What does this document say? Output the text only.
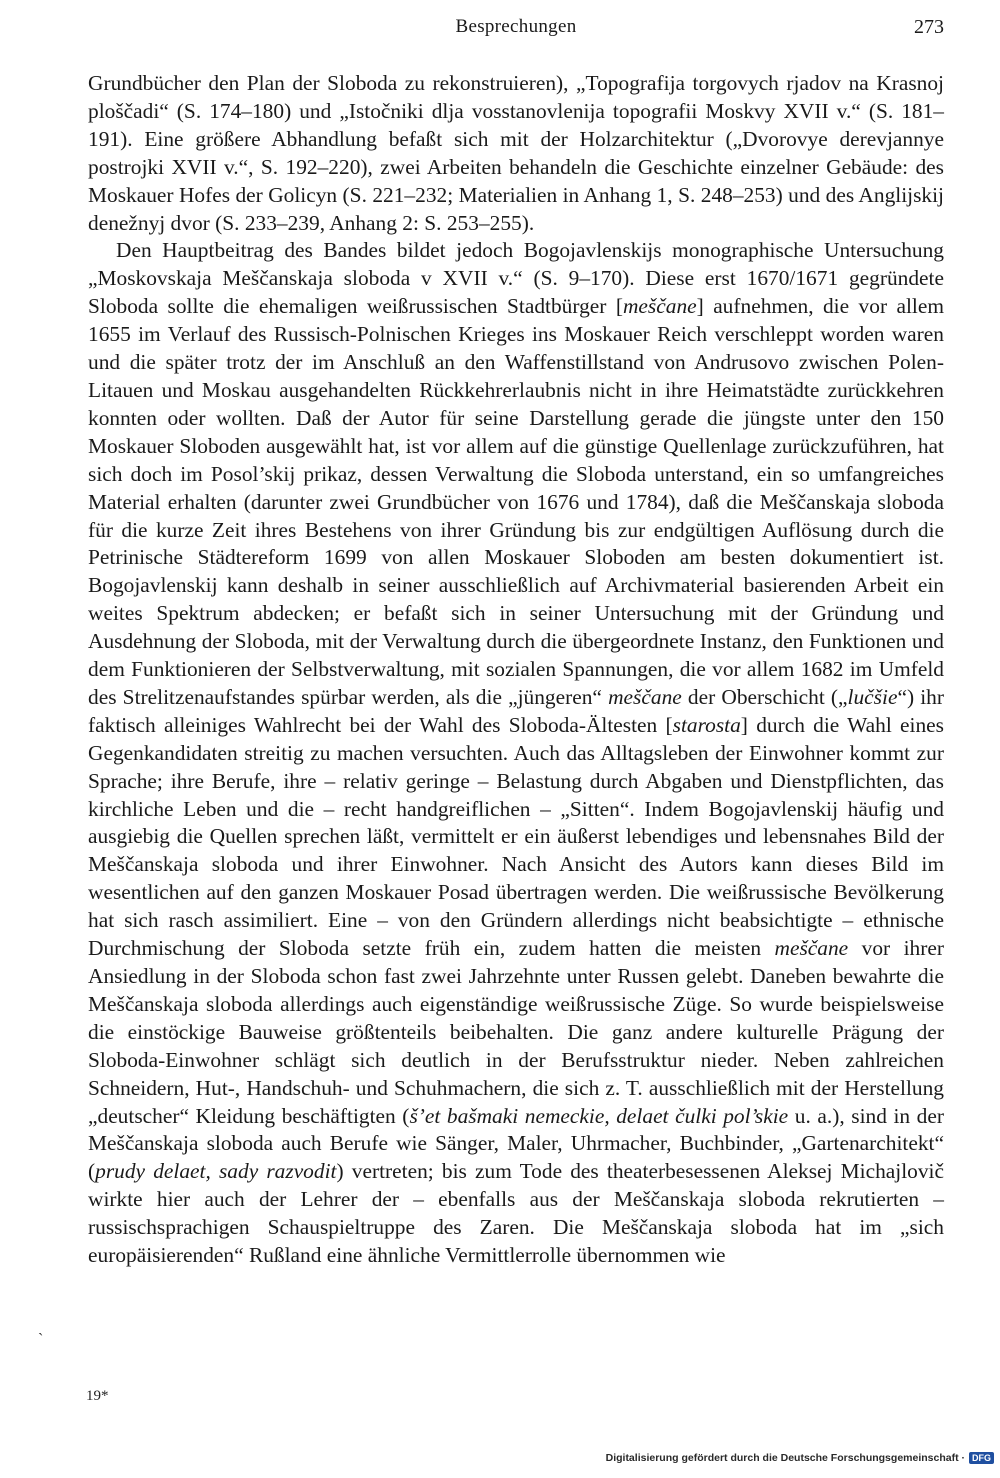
Besprechungen	273

Grundbücher den Plan der Sloboda zu rekonstruieren), „Topografija torgovych rjadov na Krasnoj ploščadi“ (S. 174–180) und „Istočniki dlja vosstanovlenija topografii Moskvy XVII v.“ (S. 181–191). Eine größere Abhandlung befaßt sich mit der Holzarchitektur („Dvorovye derevjannye postrojki XVII v.“, S. 192–220), zwei Arbeiten behandeln die Geschichte einzelner Gebäude: des Moskauer Hofes der Golicyn (S. 221–232; Materialien in Anhang 1, S. 248–253) und des Anglijskij denežnyj dvor (S. 233–239, Anhang 2: S. 253–255).

Den Hauptbeitrag des Bandes bildet jedoch Bogojavlenskijs monographische Untersuchung „Moskovskaja Meščanskaja sloboda v XVII v.“ (S. 9–170). Diese erst 1670/1671 gegründete Sloboda sollte die ehemaligen weißrussischen Stadtbürger [meščane] aufnehmen, die vor allem 1655 im Verlauf des Russisch-Polnischen Krieges ins Moskauer Reich verschleppt worden waren und die später trotz der im Anschluß an den Waffenstillstand von Andrusovo zwischen Polen-Litauen und Moskau ausgehandelten Rückkehrerlaubnis nicht in ihre Heimatstädte zurückkehren konnten oder wollten. Daß der Autor für seine Darstellung gerade die jüngste unter den 150 Moskauer Sloboden ausgewählt hat, ist vor allem auf die günstige Quellenlage zurückzuführen, hat sich doch im Posol’skij prikaz, dessen Verwaltung die Sloboda unterstand, ein so umfangreiches Material erhalten (darunter zwei Grundbücher von 1676 und 1784), daß die Meščanskaja sloboda für die kurze Zeit ihres Bestehens von ihrer Gründung bis zur endgültigen Auflösung durch die Petrinische Städtereform 1699 von allen Moskauer Sloboden am besten dokumentiert ist. Bogojavlenskij kann deshalb in seiner ausschließlich auf Archivmaterial basierenden Arbeit ein weites Spektrum abdecken; er befaßt sich in seiner Untersuchung mit der Gründung und Ausdehnung der Sloboda, mit der Verwaltung durch die übergeordnete Instanz, den Funktionen und dem Funktionieren der Selbstverwaltung, mit sozialen Spannungen, die vor allem 1682 im Umfeld des Strelitzenaufstandes spürbar werden, als die „jüngeren“ meščane der Oberschicht („lučšie“) ihr faktisch alleiniges Wahlrecht bei der Wahl des Sloboda-Ältesten [starosta] durch die Wahl eines Gegenkandidaten streitig zu machen versuchten. Auch das Alltagsleben der Einwohner kommt zur Sprache; ihre Berufe, ihre – relativ geringe – Belastung durch Abgaben und Dienstpflichten, das kirchliche Leben und die – recht handgreiflichen – „Sitten“. Indem Bogojavlenskij häufig und ausgiebig die Quellen sprechen läßt, vermittelt er ein äußerst lebendiges und lebensnahes Bild der Meščanskaja sloboda und ihrer Einwohner. Nach Ansicht des Autors kann dieses Bild im wesentlichen auf den ganzen Moskauer Posad übertragen werden. Die weißrussische Bevölkerung hat sich rasch assimiliert. Eine – von den Gründern allerdings nicht beabsichtigte – ethnische Durchmischung der Sloboda setzte früh ein, zudem hatten die meisten meščane vor ihrer Ansiedlung in der Sloboda schon fast zwei Jahrzehnte unter Russen gelebt. Daneben bewahrte die Meščanskaja sloboda allerdings auch eigenständige weißrussische Züge. So wurde beispielsweise die einstöckige Bauweise größtenteils beibehalten. Die ganz andere kulturelle Prägung der Sloboda-Einwohner schlägt sich deutlich in der Berufsstruktur nieder. Neben zahlreichen Schneidern, Hut-, Handschuh- und Schuhmachern, die sich z. T. ausschließlich mit der Herstellung „deutscher“ Kleidung beschäftigten (š’et bašmaki nemeckie, delaet čulki pol’skie u. a.), sind in der Meščanskaja sloboda auch Berufe wie Sänger, Maler, Uhrmacher, Buchbinder, „Gartenarchitekt“ (prudy delaet, sady razvodit) vertreten; bis zum Tode des theaterbesessenen Aleksej Michajlovič wirkte hier auch der Lehrer der – ebenfalls aus der Meščanskaja sloboda rekrutierten – russischsprachigen Schauspieltruppe des Zaren. Die Meščanskaja sloboda hat im „sich europäisierenden“ Rußland eine ähnliche Vermittlerrolle übernommen wie

`
19*
Digitalisierung gefördert durch die Deutsche Forschungsgemeinschaft · DFG
